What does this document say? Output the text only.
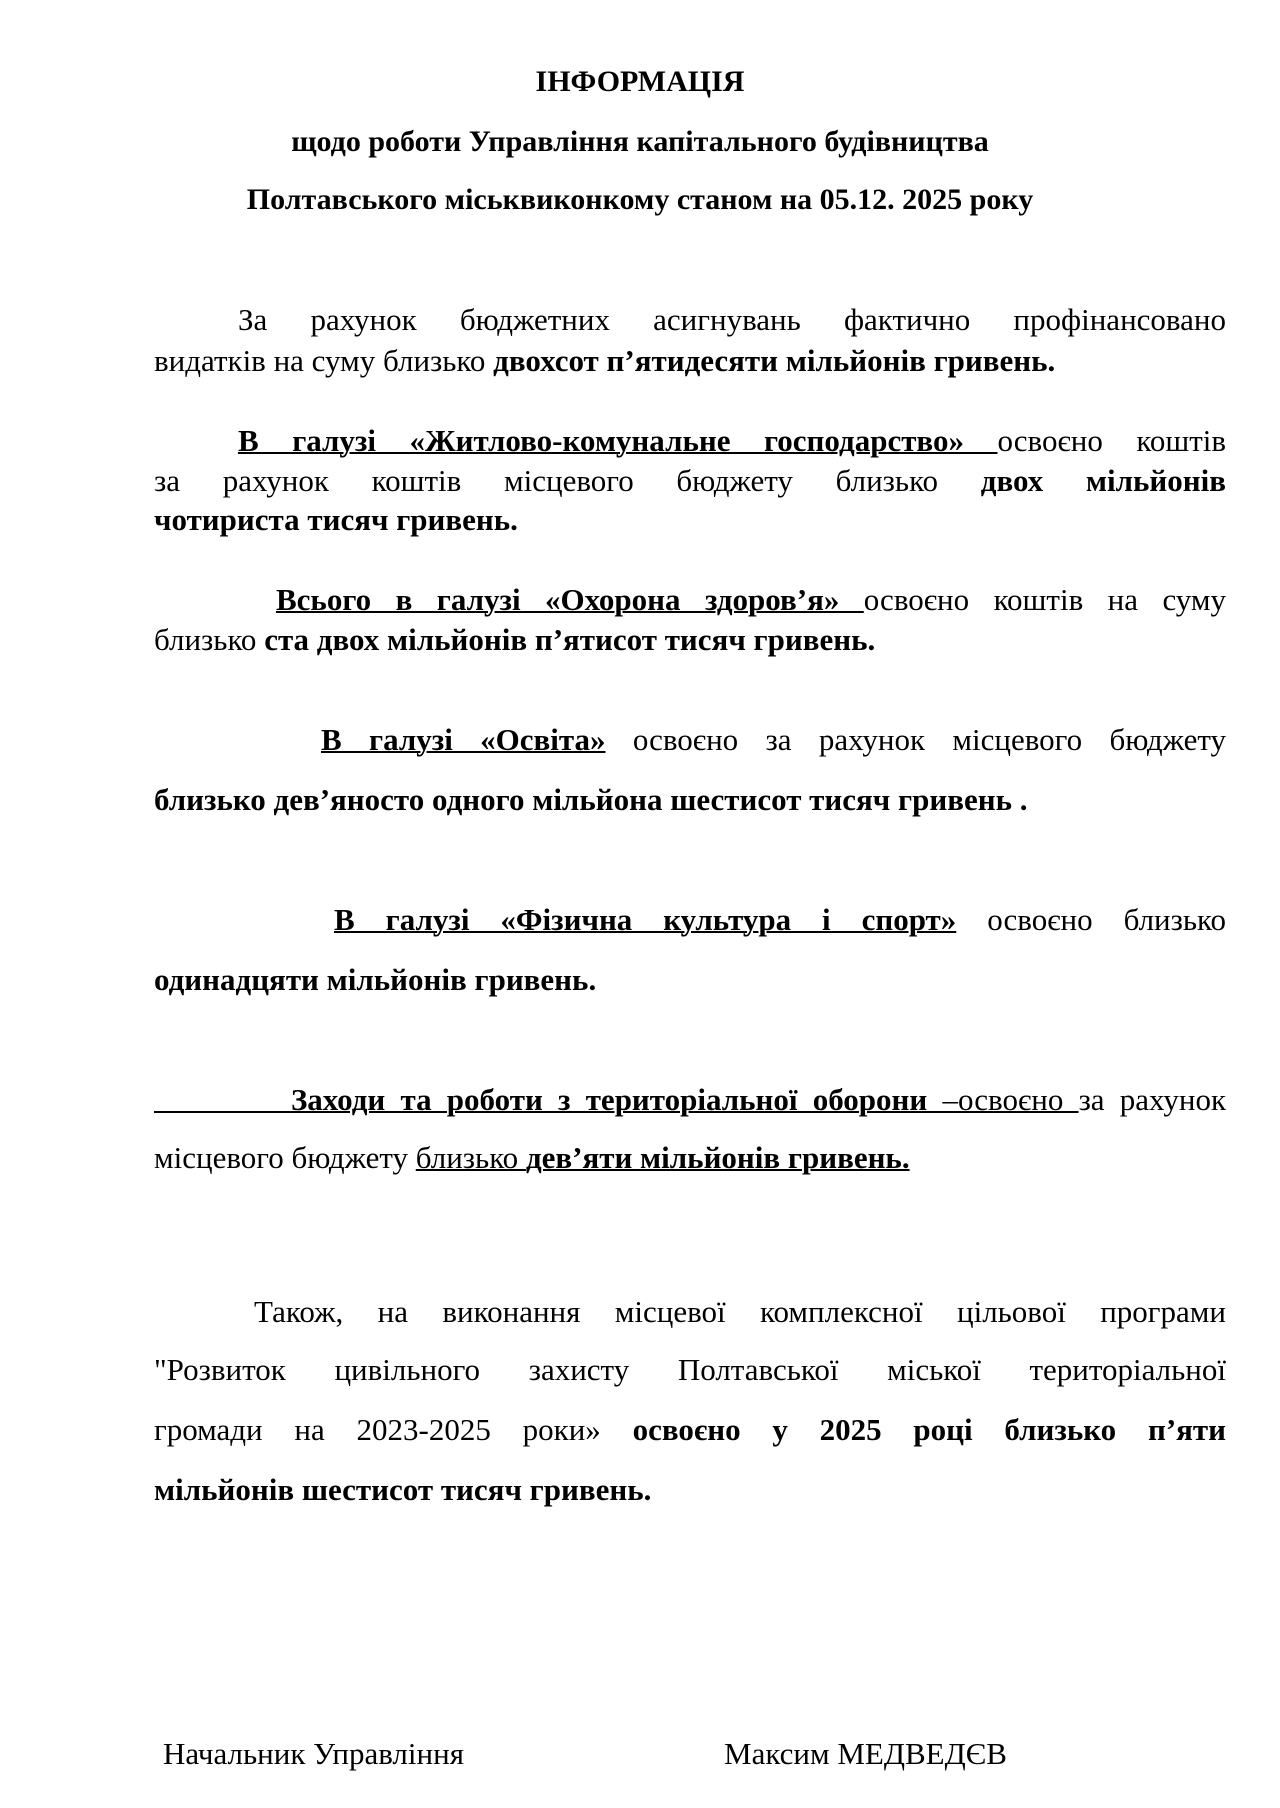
ІНФОРМАЦІЯ
щодо роботи Управління капітального будівництва
Полтавського міськвиконкому станом на 05.12. 2025 року
За рахунок бюджетних асигнувань фактично профінансовано
видатків на суму близько двохсот п’ятидесяти мільйонів гривень.
В галузі «Житлово-комунальне господарство» освоєно коштів
за рахунок коштів місцевого бюджету близько двох мільйонів
чотириста тисяч гривень.
Всього в галузі «Охорона здоров’я» освоєно коштів на суму
близько ста двох мільйонів п’ятисот тисяч гривень.
В галузі «Освіта» освоєно за рахунок місцевого бюджету
близько дев’яносто одного мільйона шестисот тисяч гривень .
В галузі «Фізична культура і спорт» освоєно близько
одинадцяти мільйонів гривень.
Заходи та роботи з територіальної оборони –освоєно за рахунок
місцевого бюджету близько дев’яти мільйонів гривень.
Також, на виконання місцевої комплексної цільової програми
"Розвиток цивільного захисту Полтавської міської територіальної
громади на 2023-2025 роки» освоєно у 2025 році близько п’яти
мільйонів шестисот тисяч гривень.
Начальник Управління	Максим МЕДВЕДЄВ
